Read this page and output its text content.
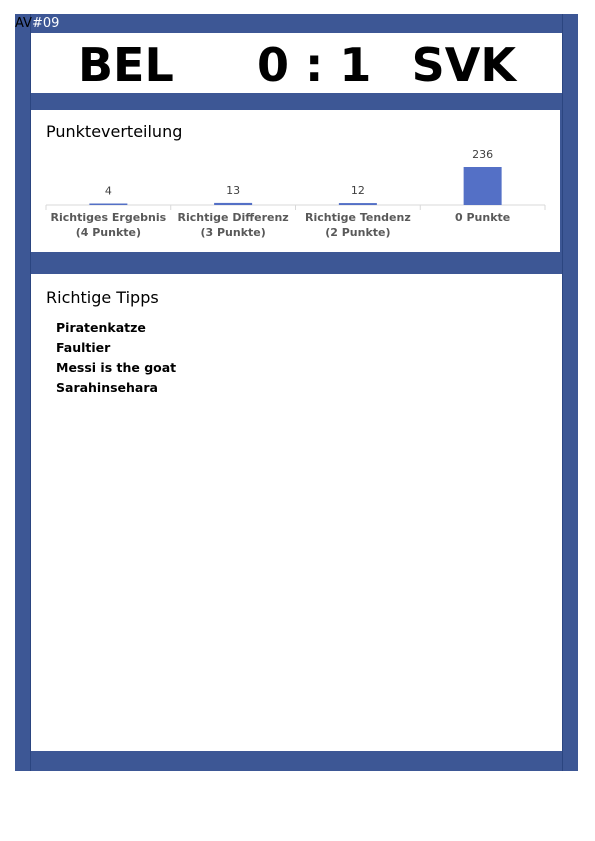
AV#09
BEL 0 : 1 SVK
Punkteverteilung
4
Richtiges Ergebnis
(4 Punkte)
13
Richtige Differenz
(3 Punkte)
12
Richtige Tendenz
(2 Punkte)
236
0 Punkte
Richtige Tipps
Piratenkatze
Faultier
Messi is the goat
Sarahinsehara
